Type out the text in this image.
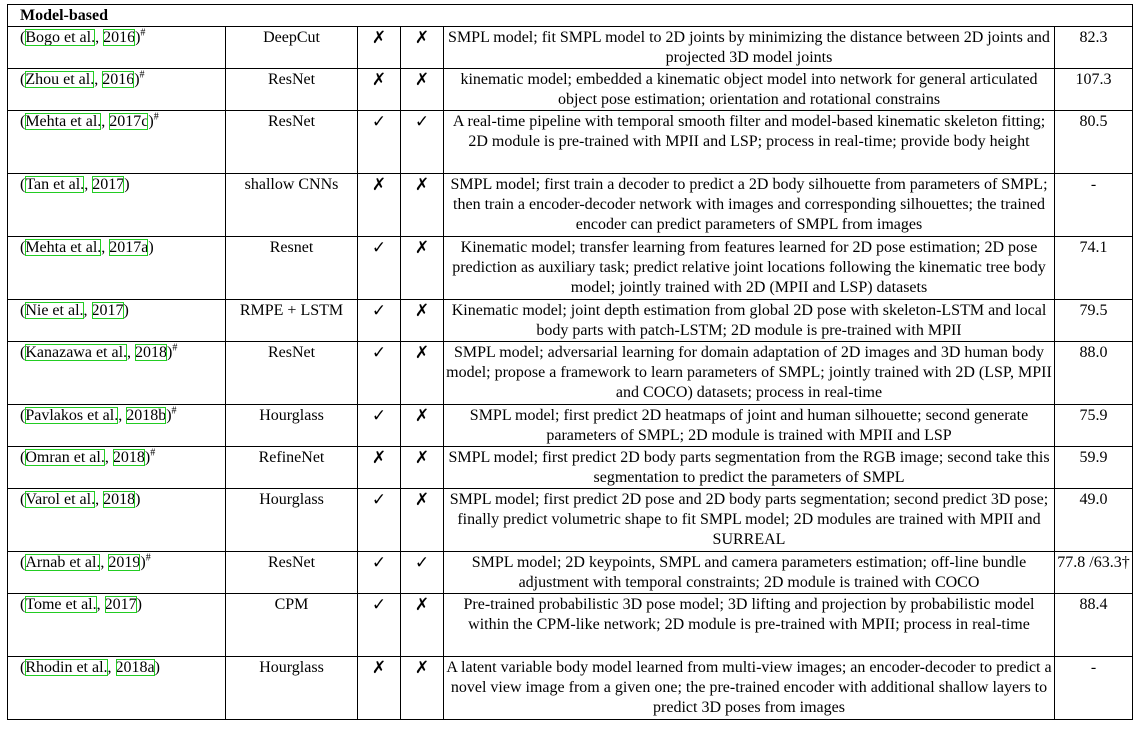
Model-based					
(Bogo et al., 2016)#	DeepCut	✗	✗	SMPL model; fit SMPL model to 2D joints by minimizing the distance between 2D joints and projected 3D model joints	82.3
(Zhou et al., 2016)#	ResNet	✗	✗	kinematic model; embedded a kinematic object model into network for general articulated object pose estimation; orientation and rotational constrains	107.3
(Mehta et al., 2017c)#	ResNet	✓	✓	A real-time pipeline with temporal smooth filter and model-based kinematic skeleton fitting; 2D module is pre-trained with MPII and LSP; process in real-time; provide body height	80.5
(Tan et al., 2017)	shallow CNNs	✗	✗	SMPL model; first train a decoder to predict a 2D body silhouette from parameters of SMPL; then train a encoder-decoder network with images and corresponding silhouettes; the trained encoder can predict parameters of SMPL from images	-
(Mehta et al., 2017a)	Resnet	✓	✗	Kinematic model; transfer learning from features learned for 2D pose estimation; 2D pose prediction as auxiliary task; predict relative joint locations following the kinematic tree body model; jointly trained with 2D (MPII and LSP) datasets	74.1
(Nie et al., 2017)	RMPE + LSTM	✓	✗	Kinematic model; joint depth estimation from global 2D pose with skeleton-LSTM and local body parts with patch-LSTM; 2D module is pre-trained with MPII	79.5
(Kanazawa et al., 2018)#	ResNet	✓	✗	SMPL model; adversarial learning for domain adaptation of 2D images and 3D human body model; propose a framework to learn parameters of SMPL; jointly trained with 2D (LSP, MPII and COCO) datasets; process in real-time	88.0
(Pavlakos et al., 2018b)#	Hourglass	✓	✗	SMPL model; first predict 2D heatmaps of joint and human silhouette; second generate parameters of SMPL; 2D module is trained with MPII and LSP	75.9
(Omran et al., 2018)#	RefineNet	✗	✗	SMPL model; first predict 2D body parts segmentation from the RGB image; second take this segmentation to predict the parameters of SMPL	59.9
(Varol et al., 2018)	Hourglass	✓	✗	SMPL model; first predict 2D pose and 2D body parts segmentation; second predict 3D pose; finally predict volumetric shape to fit SMPL model; 2D modules are trained with MPII and SURREAL	49.0
(Arnab et al., 2019)#	ResNet	✓	✓	SMPL model; 2D keypoints, SMPL and camera parameters estimation; off-line bundle adjustment with temporal constraints; 2D module is trained with COCO	77.8 /63.3†
(Tome et al., 2017)	CPM	✓	✗	Pre-trained probabilistic 3D pose model; 3D lifting and projection by probabilistic model within the CPM-like network; 2D module is pre-trained with MPII; process in real-time	88.4
(Rhodin et al., 2018a)	Hourglass	✗	✗	A latent variable body model learned from multi-view images; an encoder-decoder to predict a novel view image from a given one; the pre-trained encoder with additional shallow layers to predict 3D poses from images	-
